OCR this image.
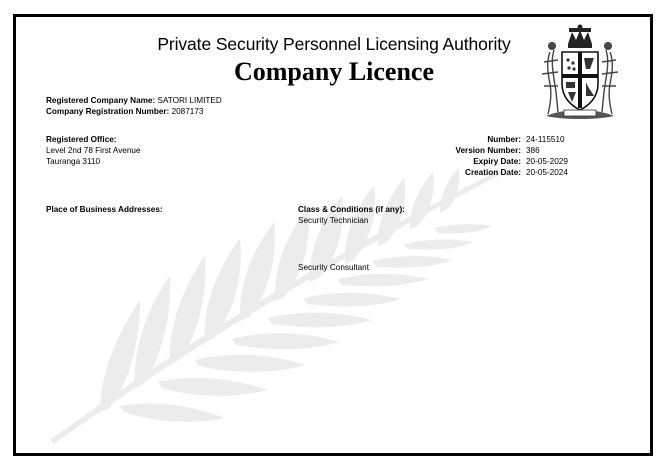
Private Security Personnel Licensing Authority
Company Licence
Registered Company Name: SATORI LIMITED
Company Registration Number: 2087173
Registered Office:
Level 2nd 78 First Avenue
Tauranga 3110
Number: 24-115510
Version Number: 386
Expiry Date: 20-05-2029
Creation Date: 20-05-2024
Place of Business Addresses:	Class & Conditions (if any):
Security Technician
Security Consultant
